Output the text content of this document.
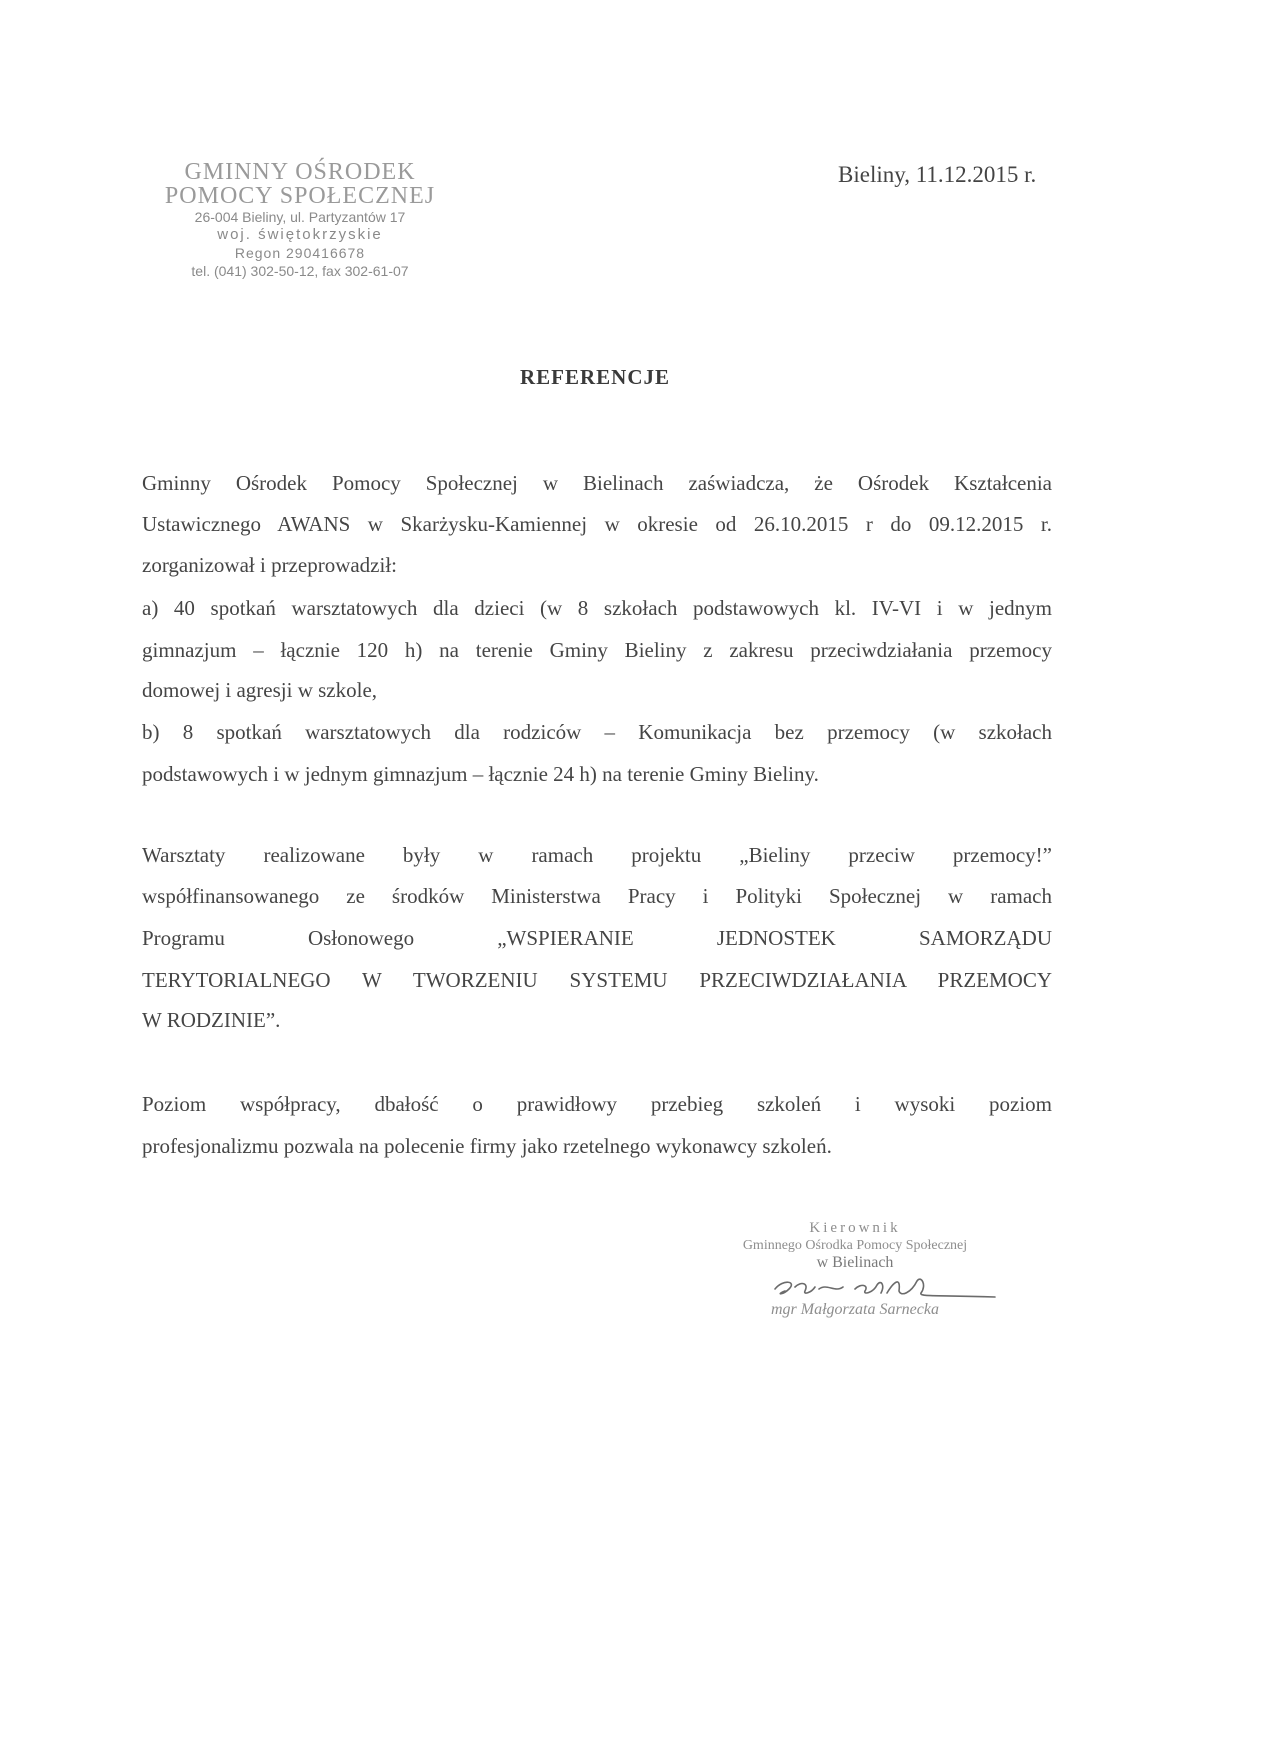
GMINNY OŚRODEK
POMOCY SPOŁECZNEJ
26-004 Bieliny, ul. Partyzantów 17
woj. świętokrzyskie
Regon 290416678
tel. (041) 302-50-12, fax 302-61-07
Bieliny, 11.12.2015 r.
REFERENCJE
Gminny Ośrodek Pomocy Społecznej w Bielinach zaświadcza, że Ośrodek Kształcenia
Ustawicznego AWANS w Skarżysku-Kamiennej w okresie od 26.10.2015 r do 09.12.2015 r.
zorganizował i przeprowadził:
a) 40 spotkań warsztatowych dla dzieci (w 8 szkołach podstawowych kl. IV-VI i w jednym
gimnazjum – łącznie 120 h) na terenie Gminy Bieliny z zakresu przeciwdziałania przemocy
domowej i agresji w szkole,
b) 8 spotkań warsztatowych dla rodziców – Komunikacja bez przemocy (w szkołach
podstawowych i w jednym gimnazjum – łącznie 24 h) na terenie Gminy Bieliny.
Warsztaty realizowane były w ramach projektu „Bieliny przeciw przemocy!”
współfinansowanego ze środków Ministerstwa Pracy i Polityki Społecznej w ramach
Programu Osłonowego „WSPIERANIE JEDNOSTEK SAMORZĄDU
TERYTORIALNEGO W TWORZENIU SYSTEMU PRZECIWDZIAŁANIA PRZEMOCY
W RODZINIE”.
Poziom współpracy, dbałość o prawidłowy przebieg szkoleń i wysoki poziom
profesjonalizmu pozwala na polecenie firmy jako rzetelnego wykonawcy szkoleń.
Kierownik
Gminnego Ośrodka Pomocy Społecznej
w Bielinach
mgr Małgorzata Sarnecka
